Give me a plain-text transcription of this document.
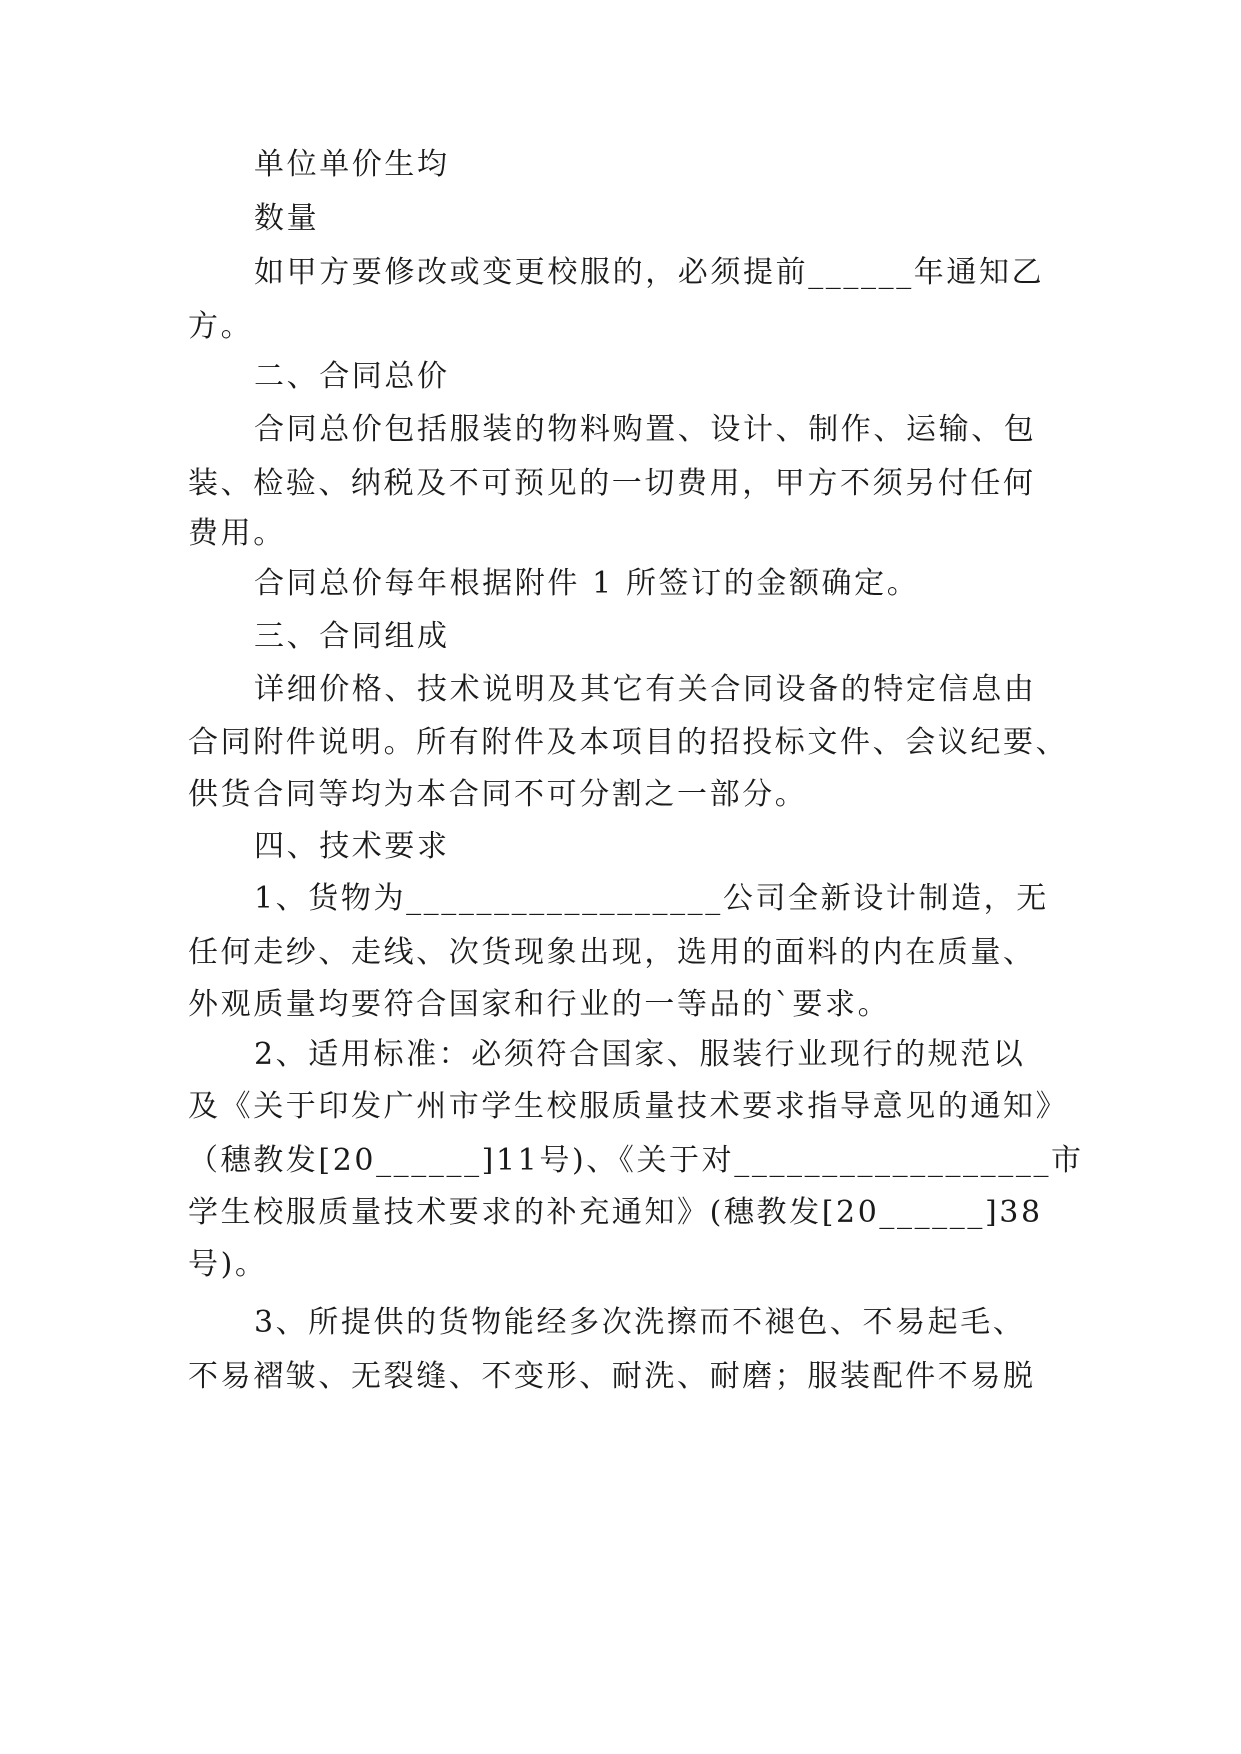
单位单价生均
数量
如甲方要修改或变更校服的，必须提前______年通知乙
方。
二、合同总价
合同总价包括服装的物料购置、设计、制作、运输、包
装、检验、纳税及不可预见的一切费用，甲方不须另付任何
费用。
合同总价每年根据附件 1 所签订的金额确定。
三、合同组成
详细价格、技术说明及其它有关合同设备的特定信息由
合同附件说明。所有附件及本项目的招投标文件、会议纪要、
供货合同等均为本合同不可分割之一部分。
四、技术要求
1、货物为__________________公司全新设计制造，无
任何走纱、走线、次货现象出现，选用的面料的内在质量、
外观质量均要符合国家和行业的一等品的`要求。
2、适用标准：必须符合国家、服装行业现行的规范以
及《关于印发广州市学生校服质量技术要求指导意见的通知》
（穗教发[20______]11号)、《关于对__________________市
学生校服质量技术要求的补充通知》(穗教发[20______]38
号)。
3、所提供的货物能经多次洗擦而不褪色、不易起毛、
不易褶皱、无裂缝、不变形、耐洗、耐磨；服装配件不易脱
